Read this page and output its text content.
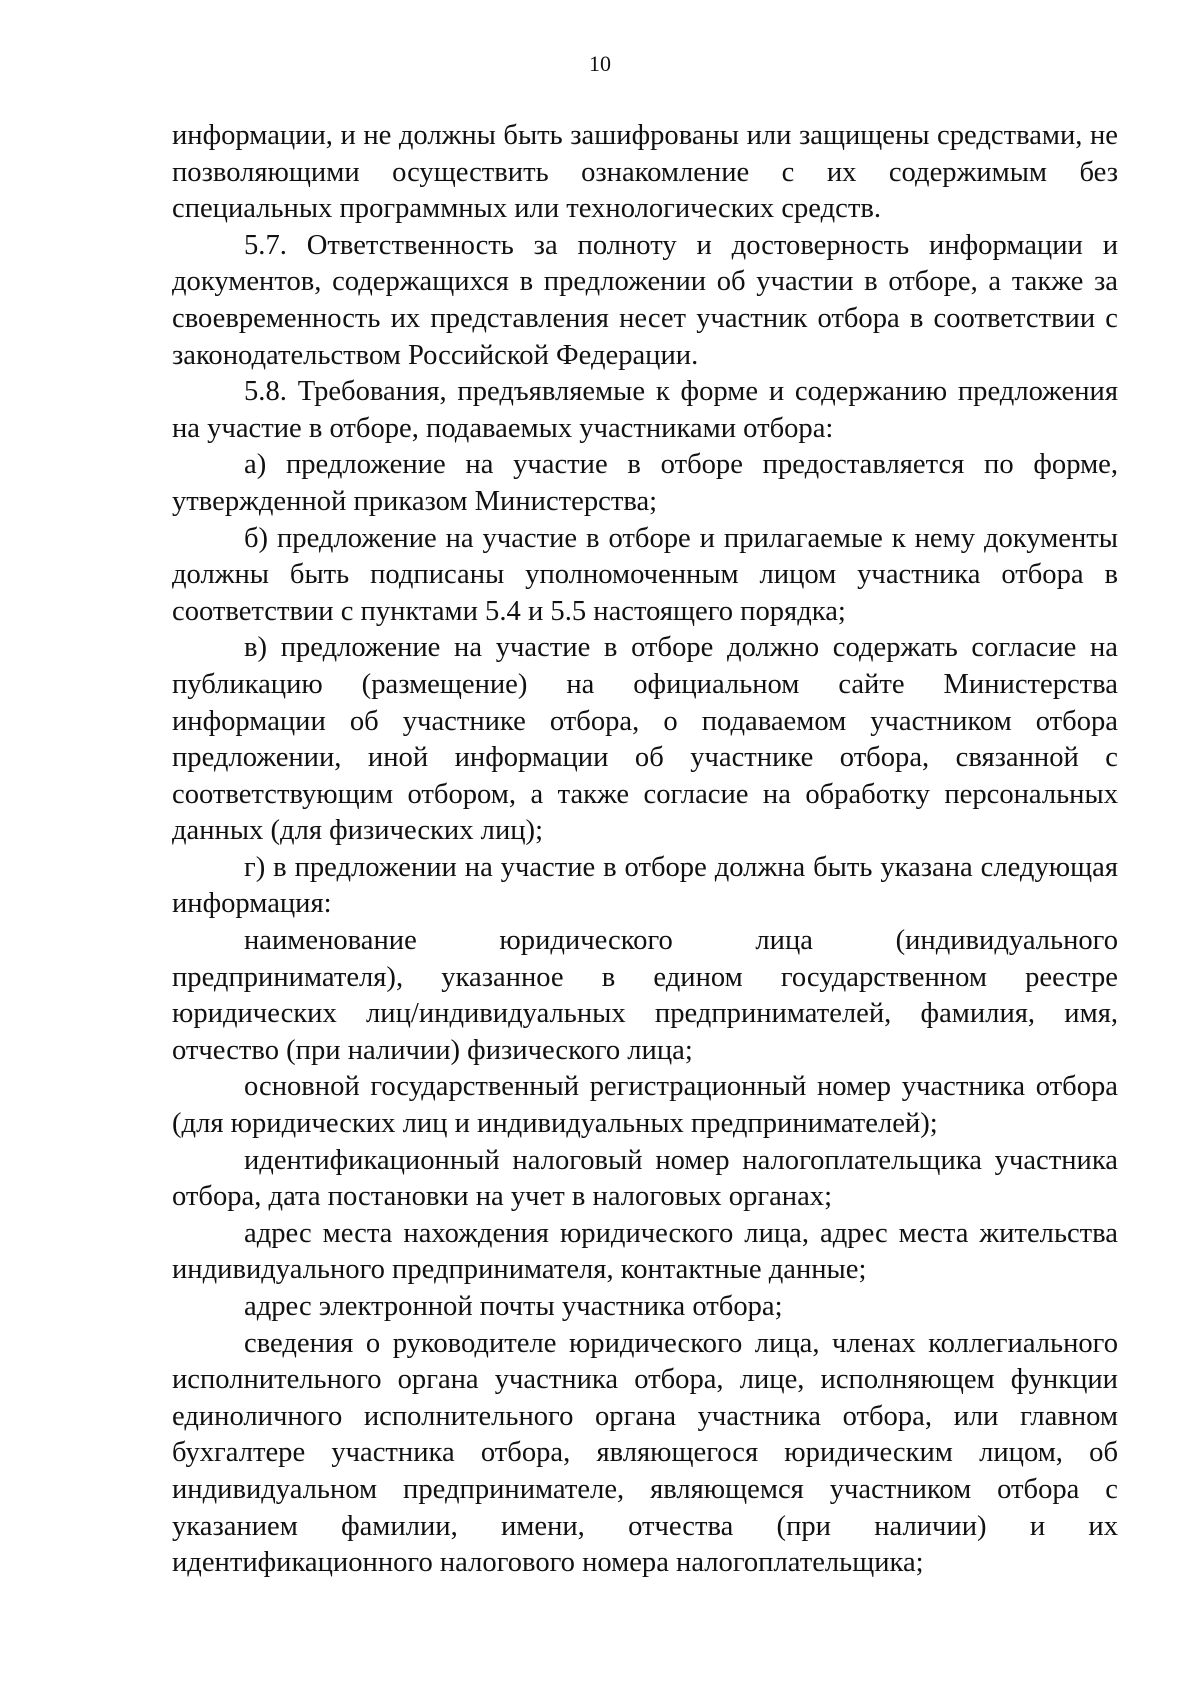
10

информации, и не должны быть зашифрованы или защищены средствами, не позволяющими осуществить ознакомление с их содержимым без специальных программных или технологических средств.

5.7. Ответственность за полноту и достоверность информации и документов, содержащихся в предложении об участии в отборе, а также за своевременность их представления несет участник отбора в соответствии с законодательством Российской Федерации.

5.8. Требования, предъявляемые к форме и содержанию предложения на участие в отборе, подаваемых участниками отбора:

а) предложение на участие в отборе предоставляется по форме, утвержденной приказом Министерства;

б) предложение на участие в отборе и прилагаемые к нему документы должны быть подписаны уполномоченным лицом участника отбора в соответствии с пунктами 5.4 и 5.5 настоящего порядка;

в) предложение на участие в отборе должно содержать согласие на публикацию (размещение) на официальном сайте Министерства информации об участнике отбора, о подаваемом участником отбора предложении, иной информации об участнике отбора, связанной с соответствующим отбором, а также согласие на обработку персональных данных (для физических лиц);

г) в предложении на участие в отборе должна быть указана следующая информация:

наименование юридического лица (индивидуального предпринимателя), указанное в едином государственном реестре юридических лиц/индивидуальных предпринимателей, фамилия, имя, отчество (при наличии) физического лица;

основной государственный регистрационный номер участника отбора (для юридических лиц и индивидуальных предпринимателей);

идентификационный налоговый номер налогоплательщика участника отбора, дата постановки на учет в налоговых органах;

адрес места нахождения юридического лица, адрес места жительства индивидуального предпринимателя, контактные данные;

адрес электронной почты участника отбора;

сведения о руководителе юридического лица, членах коллегиального исполнительного органа участника отбора, лице, исполняющем функции единоличного исполнительного органа участника отбора, или главном бухгалтере участника отбора, являющегося юридическим лицом, об индивидуальном предпринимателе, являющемся участником отбора с указанием фамилии, имени, отчества (при наличии) и их идентификационного налогового номера налогоплательщика;
